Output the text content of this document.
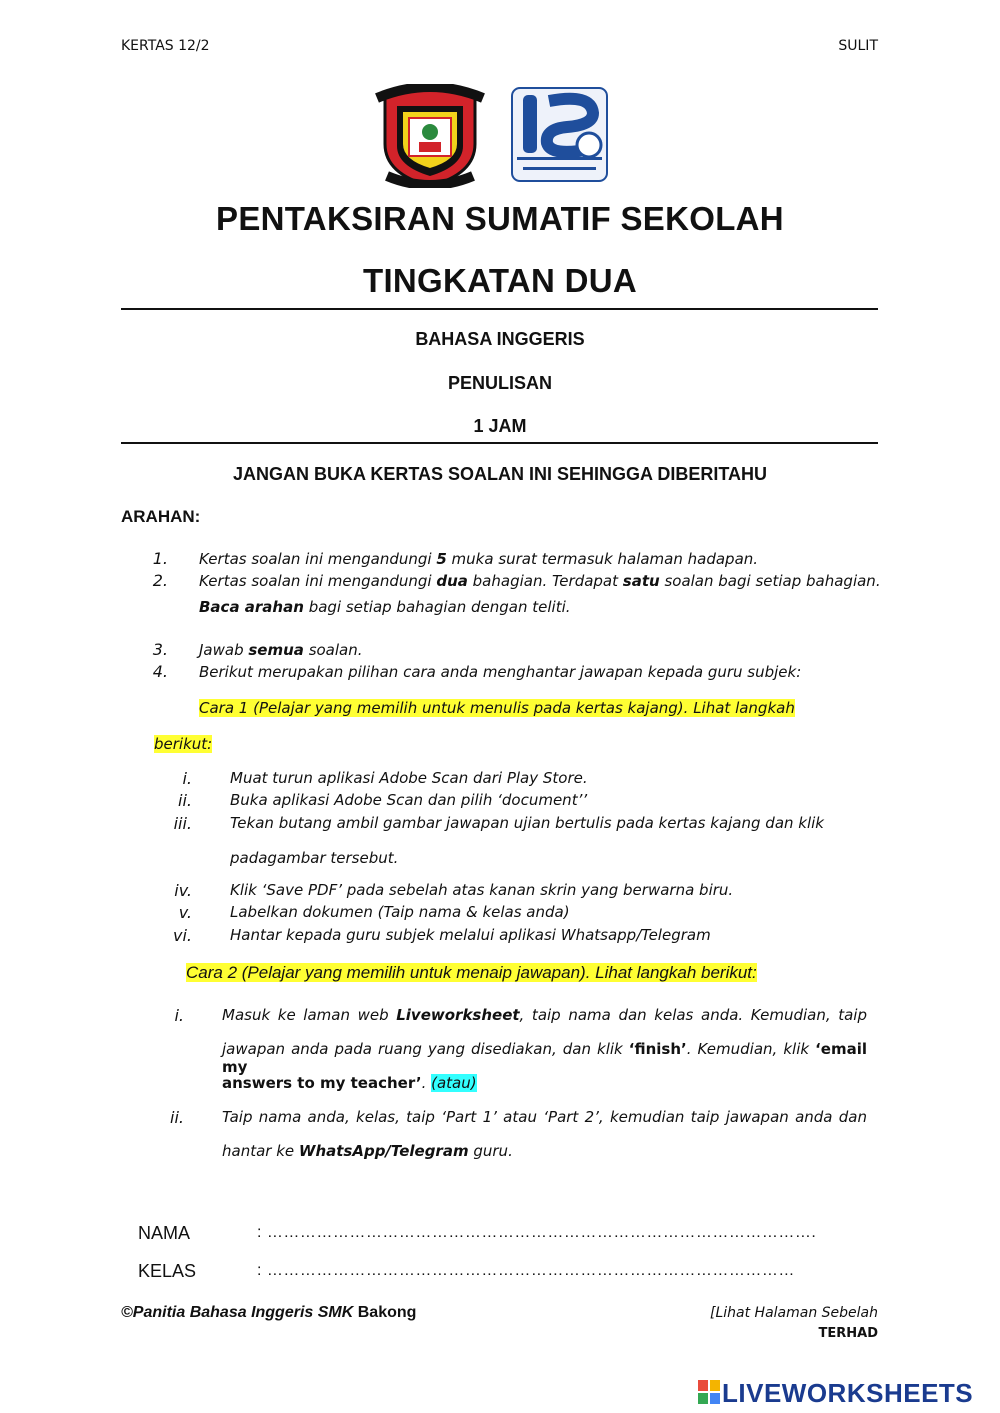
KERTAS 12/2	SULIT
PENTAKSIRAN SUMATIF SEKOLAH
TINGKATAN DUA
BAHASA INGGERIS
PENULISAN
1 JAM
JANGAN BUKA KERTAS SOALAN INI SEHINGGA DIBERITAHU
ARAHAN:
1. Kertas soalan ini mengandungi 5 muka surat termasuk halaman hadapan.
2. Kertas soalan ini mengandungi dua bahagian. Terdapat satu soalan bagi setiap bahagian.
Baca arahan bagi setiap bahagian dengan teliti.
3. Jawab semua soalan.
4. Berikut merupakan pilihan cara anda menghantar jawapan kepada guru subjek:
Cara 1 (Pelajar yang memilih untuk menulis pada kertas kajang). Lihat langkah
berikut:
i.	Muat turun aplikasi Adobe Scan dari Play Store.
ii.	Buka aplikasi Adobe Scan dan pilih ‘document’’
iii.	Tekan butang ambil gambar jawapan ujian bertulis pada kertas kajang dan klik
padagambar tersebut.
iv.	Klik ‘Save PDF’ pada sebelah atas kanan skrin yang berwarna biru.
v.	Labelkan dokumen (Taip nama & kelas anda)
vi.	Hantar kepada guru subjek melalui aplikasi Whatsapp/Telegram
Cara 2 (Pelajar yang memilih untuk menaip jawapan). Lihat langkah berikut:
i.	Masuk ke laman web Liveworksheet, taip nama dan kelas anda. Kemudian, taip
jawapan anda pada ruang yang disediakan, dan klik ‘finish’. Kemudian, klik ‘email my
answers to my teacher’. (atau)
ii.	Taip nama anda, kelas, taip ‘Part 1’ atau ‘Part 2’, kemudian taip jawapan anda dan
hantar ke WhatsApp/Telegram guru.
NAMA	: ……………………………………………………………………………………….
KELAS	: ……………………………………………………………………………………
©Panitia Bahasa Inggeris SMK Bakong	[Lihat Halaman Sebelah
TERHAD
LIVEWORKSHEETS
